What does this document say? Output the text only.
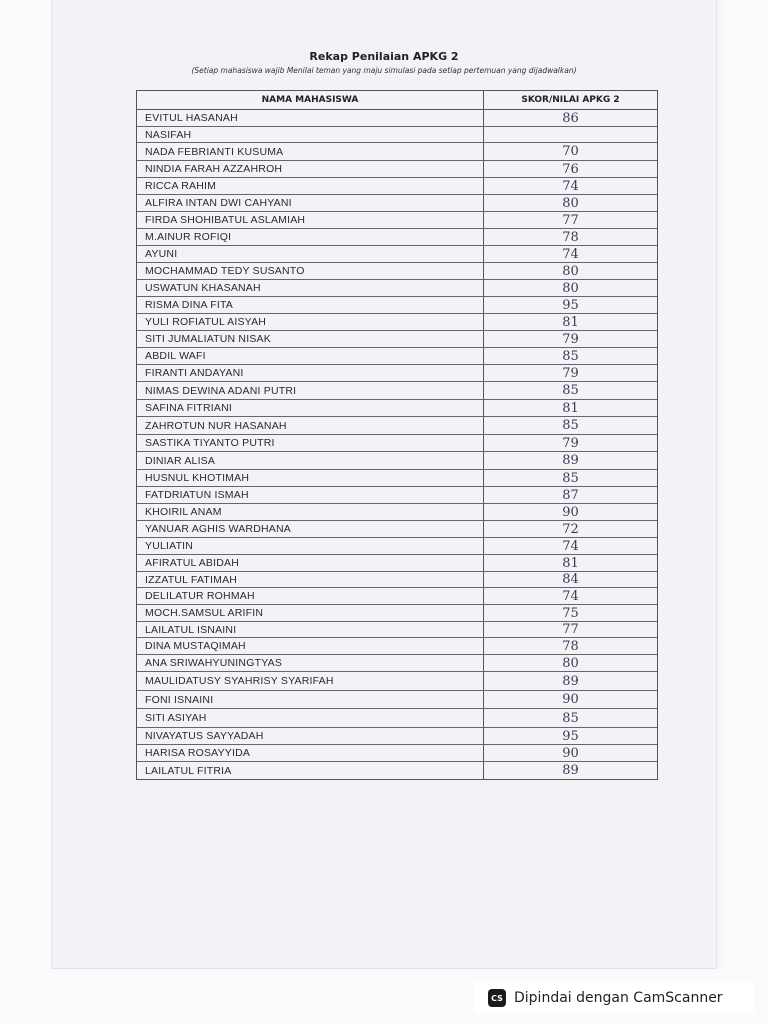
Rekap Penilaian APKG 2
(Setiap mahasiswa wajib Menilai teman yang maju simulasi pada setiap pertemuan yang dijadwalkan)
NAMA MAHASISWA	SKOR/NILAI APKG 2
EVITUL HASANAH	86
NASIFAH
NADA FEBRIANTI KUSUMA	70
NINDIA FARAH AZZAHROH	76
RICCA RAHIM	74
ALFIRA INTAN DWI CAHYANI	80
FIRDA SHOHIBATUL ASLAMIAH	77
M.AINUR ROFIQI	78
AYUNI	74
MOCHAMMAD TEDY SUSANTO	80
USWATUN KHASANAH	80
RISMA DINA FITA	95
YULI ROFIATUL AISYAH	81
SITI JUMALIATUN NISAK	79
ABDIL WAFI	85
FIRANTI ANDAYANI	79
NIMAS DEWINA ADANI PUTRI	85
SAFINA FITRIANI	81
ZAHROTUN NUR HASANAH	85
SASTIKA TIYANTO PUTRI	79
DINIAR ALISA	89
HUSNUL KHOTIMAH	85
FATDRIATUN ISMAH	87
KHOIRIL ANAM	90
YANUAR AGHIS WARDHANA	72
YULIATIN	74
AFIRATUL ABIDAH	81
IZZATUL FATIMAH	84
DELILATUR ROHMAH	74
MOCH.SAMSUL ARIFIN	75
LAILATUL ISNAINI	77
DINA MUSTAQIMAH	78
ANA SRIWAHYUNINGTYAS	80
MAULIDATUSY SYAHRISY SYARIFAH	89
FONI ISNAINI	90
SITI ASIYAH	85
NIVAYATUS SAYYADAH	95
HARISA ROSAYYIDA	90
LAILATUL FITRIA	89
CS Dipindai dengan CamScanner
